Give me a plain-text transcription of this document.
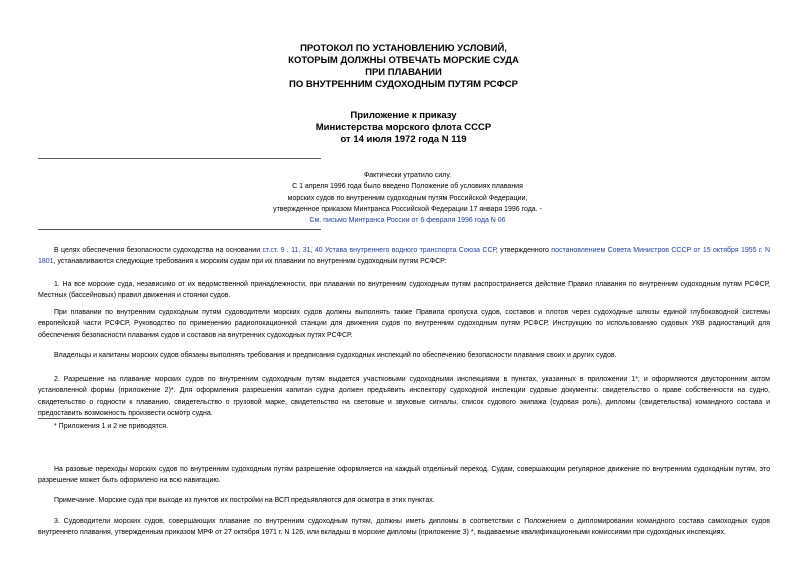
ПРОТОКОЛ ПО УСТАНОВЛЕНИЮ УСЛОВИЙ,
КОТОРЫМ ДОЛЖНЫ ОТВЕЧАТЬ МОРСКИЕ СУДА
ПРИ ПЛАВАНИИ
ПО ВНУТРЕННИМ СУДОХОДНЫМ ПУТЯМ РСФСР
Приложение к приказу
Министерства морского флота СССР
от 14 июля 1972 года N 119
Фактически утратило силу.
С 1 апреля 1996 года было введено Положение об условиях плавания
морских судов по внутренним судоходным путям Российской Федерации,
утвержденное приказом Минтранса Российской Федерации 17 января 1996 года. -
См. письмо Минтранса России от 6 февраля 1996 года N 06
В целях обеспечения безопасности судоходства на основании ст.ст. 9 , 11, 31, 40 Устава внутреннего водного транспорта Союза ССР, утвержденного постановлением Совета Министров СССР от 15 октября 1955 г. N 1801, устанавливаются следующие требования к морским судам при их плавании по внутренним судоходным путям РСФСР:
1. На все морские суда, независимо от их ведомственной принадлежности, при плавании по внутренним судоходным путям распространяется действие Правил плавания по внутренним судоходным путям РСФСР, Местных (бассейновых) правил движения и стоянки судов.
При плавании по внутренним судоходным путям судоводители морских судов должны выполнять также Правила пропуска судов, составов и плотов через судоходные шлюзы единой глубоководной системы европейской части РСФСР, Руководство по применению радиолокационной станции для движения судов по внутренним судоходным путям РСФСР, Инструкцию по использованию судовых УКВ радиостанций для обеспечения безопасности плавания судов и составов на внутренних судоходных путях РСФСР.
Владельцы и капитаны морских судов обязаны выполнять требования и предписания судоходных инспекций по обеспечению безопасности плавания своих и других судов.
2. Разрешение на плавание морских судов по внутренним судоходным путям выдается участковыми судоходными инспекциями в пунктах, указанных в приложении 1*, и оформляются двусторонним актом установленной формы (приложение 2)*. Для оформления разрешения капитан судна должен предъявить инспектору судоходной инспекции судовые документы: свидетельство о праве собственности на судно, свидетельство о годности к плаванию, свидетельство о грузовой марке, свидетельство на световые и звуковые сигналы, список судового экипажа (судовая роль), дипломы (свидетельства) командного состава и предоставить возможность произвести осмотр судна.
* Приложения 1 и 2 не приводятся.
На разовые переходы морских судов по внутренним судоходным путям разрешение оформляется на каждый отдельный переход. Судам, совершающим регулярное движение по внутренним судоходным путям, это разрешение может быть оформлено на всю навигацию.
Примечание. Морские суда при выходе из пунктов их постройки на ВСП предъявляются для осмотра в этих пунктах.
3. Судоводители морских судов, совершающих плавание по внутренним судоходным путям, должны иметь дипломы в соответствии с Положением о дипломировании командного состава самоходных судов внутреннего плавания, утвержденным приказом МРФ от 27 октября 1971 г. N 126, или вкладыш в морские дипломы (приложение 3) *, выдаваемые квалификационными комиссиями при судоходных инспекциях.
